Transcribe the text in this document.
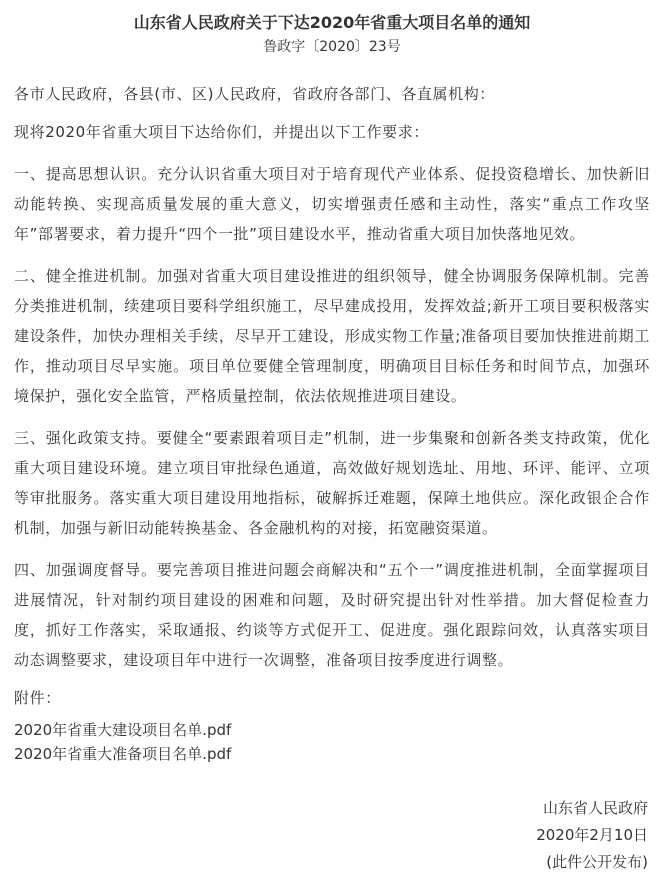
山东省人民政府关于下达2020年省重大项目名单的通知

鲁政字〔2020〕23号

各市人民政府，各县(市、区)人民政府，省政府各部门、各直属机构：

现将2020年省重大项目下达给你们，并提出以下工作要求：

一、提高思想认识。充分认识省重大项目对于培育现代产业体系、促投资稳增长、加快新旧动能转换、实现高质量发展的重大意义，切实增强责任感和主动性，落实“重点工作攻坚年”部署要求，着力提升“四个一批”项目建设水平，推动省重大项目加快落地见效。

二、健全推进机制。加强对省重大项目建设推进的组织领导，健全协调服务保障机制。完善分类推进机制，续建项目要科学组织施工，尽早建成投用，发挥效益;新开工项目要积极落实建设条件，加快办理相关手续，尽早开工建设，形成实物工作量;准备项目要加快推进前期工作，推动项目尽早实施。项目单位要健全管理制度，明确项目目标任务和时间节点，加强环境保护，强化安全监管，严格质量控制，依法依规推进项目建设。

三、强化政策支持。要健全“要素跟着项目走”机制，进一步集聚和创新各类支持政策，优化重大项目建设环境。建立项目审批绿色通道，高效做好规划选址、用地、环评、能评、立项等审批服务。落实重大项目建设用地指标，破解拆迁难题，保障土地供应。深化政银企合作机制，加强与新旧动能转换基金、各金融机构的对接，拓宽融资渠道。

四、加强调度督导。要完善项目推进问题会商解决和“五个一”调度推进机制，全面掌握项目进展情况，针对制约项目建设的困难和问题，及时研究提出针对性举措。加大督促检查力度，抓好工作落实，采取通报、约谈等方式促开工、促进度。强化跟踪问效，认真落实项目动态调整要求，建设项目年中进行一次调整，准备项目按季度进行调整。

附件：

2020年省重大建设项目名单.pdf
2020年省重大准备项目名单.pdf
山东省人民政府
2020年2月10日
(此件公开发布)
